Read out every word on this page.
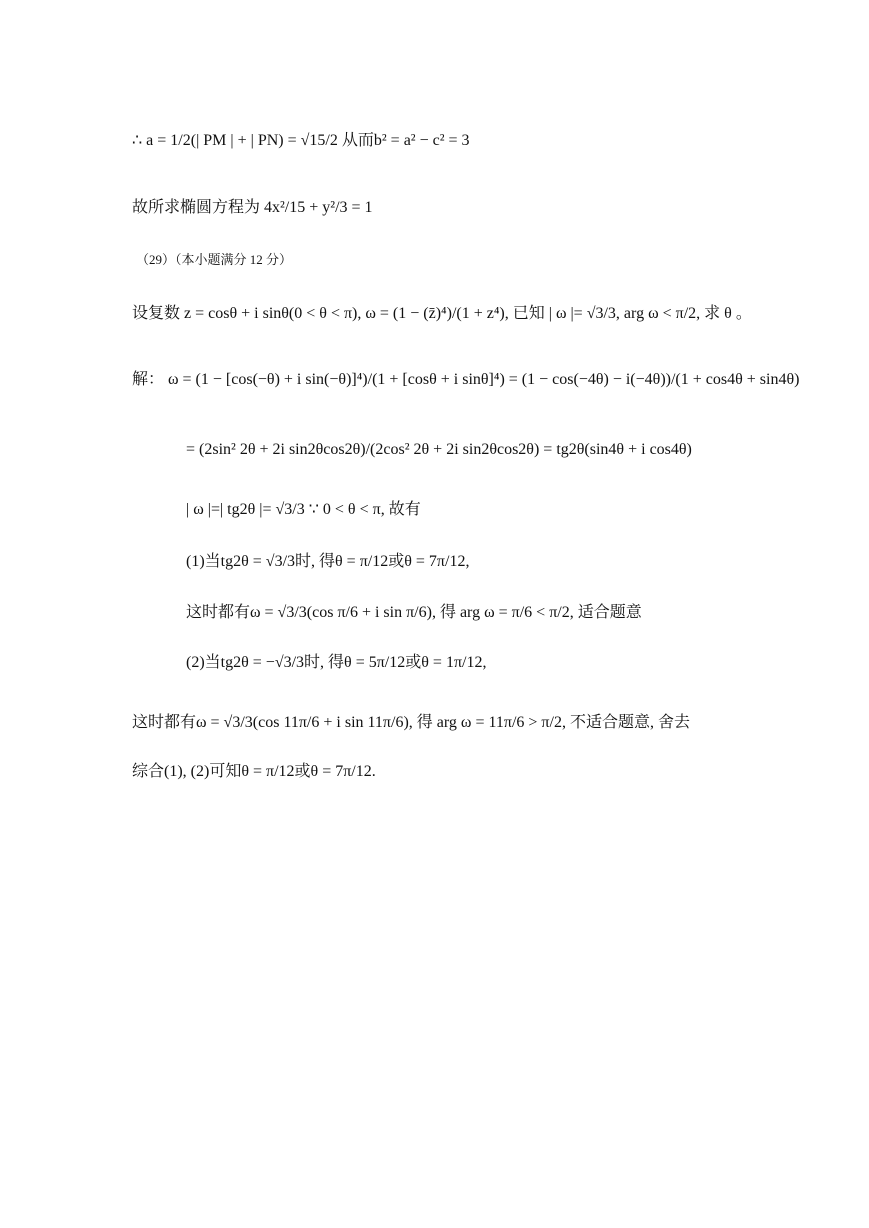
∴ a = 1/2(| PM | + | PN) = √15/2 从而b² = a² − c² = 3
故所求椭圆方程为 4x²/15 + y²/3 = 1
（29）（本小题满分 12 分）
设复数 z = cosθ + i sinθ(0 < θ < π), ω = (1 − (z̄)⁴)/(1 + z⁴), 已知 | ω |= √3/3, arg ω < π/2, 求 θ 。
解： ω = (1 − [cos(−θ) + i sin(−θ)]⁴)/(1 + [cosθ + i sinθ]⁴) = (1 − cos(−4θ) − i(−4θ))/(1 + cos4θ + sin4θ)
= (2sin² 2θ + 2i sin2θcos2θ)/(2cos² 2θ + 2i sin2θcos2θ) = tg2θ(sin4θ + i cos4θ)
| ω |=| tg2θ |= √3/3 ∵ 0 < θ < π, 故有
(1)当tg2θ = √3/3时, 得θ = π/12或θ = 7π/12,
这时都有ω = √3/3(cos π/6 + i sin π/6), 得 arg ω = π/6 < π/2, 适合题意
(2)当tg2θ = −√3/3时, 得θ = 5π/12或θ = 1π/12,
这时都有ω = √3/3(cos 11π/6 + i sin 11π/6), 得 arg ω = 11π/6 > π/2, 不适合题意, 舍去
综合(1), (2)可知θ = π/12或θ = 7π/12.
